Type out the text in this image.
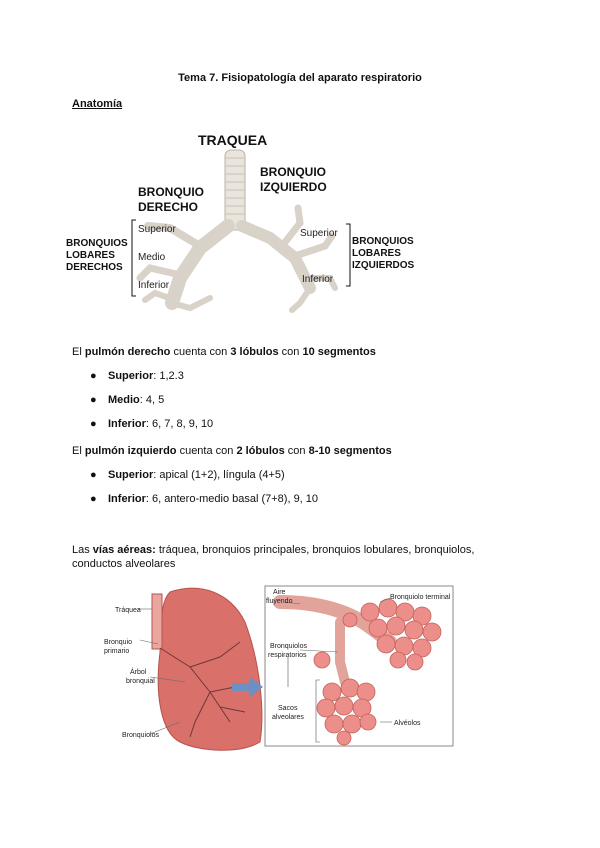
Tema 7. Fisiopatología del aparato respiratorio
Anatomía
TRAQUEA
BRONQUIO
IZQUIERDO
BRONQUIO
DERECHO
BRONQUIOS
LOBARES
DERECHOS
Superior
Medio
Inferior
Superior
Inferior
BRONQUIOS
LOBARES
IZQUIERDOS
El pulmón derecho cuenta con 3 lóbulos con 10 segmentos
● Superior: 1,2.3
● Medio: 4, 5
● Inferior: 6, 7, 8, 9, 10
El pulmón izquierdo cuenta con 2 lóbulos con 8-10 segmentos
● Superior: apical (1+2), língula (4+5)
● Inferior: 6, antero-medio basal (7+8), 9, 10
Las vías aéreas: tráquea, bronquios principales, bronquios lobulares, bronquiolos,
conductos alveolares
Tráquea
Bronquio
primario
Árbol
bronquial
Bronquiolos
Aire
fluyendo
Bronquiolo terminal
Bronquiolos
respiratorios
Sacos
alveolares
Alvéolos
